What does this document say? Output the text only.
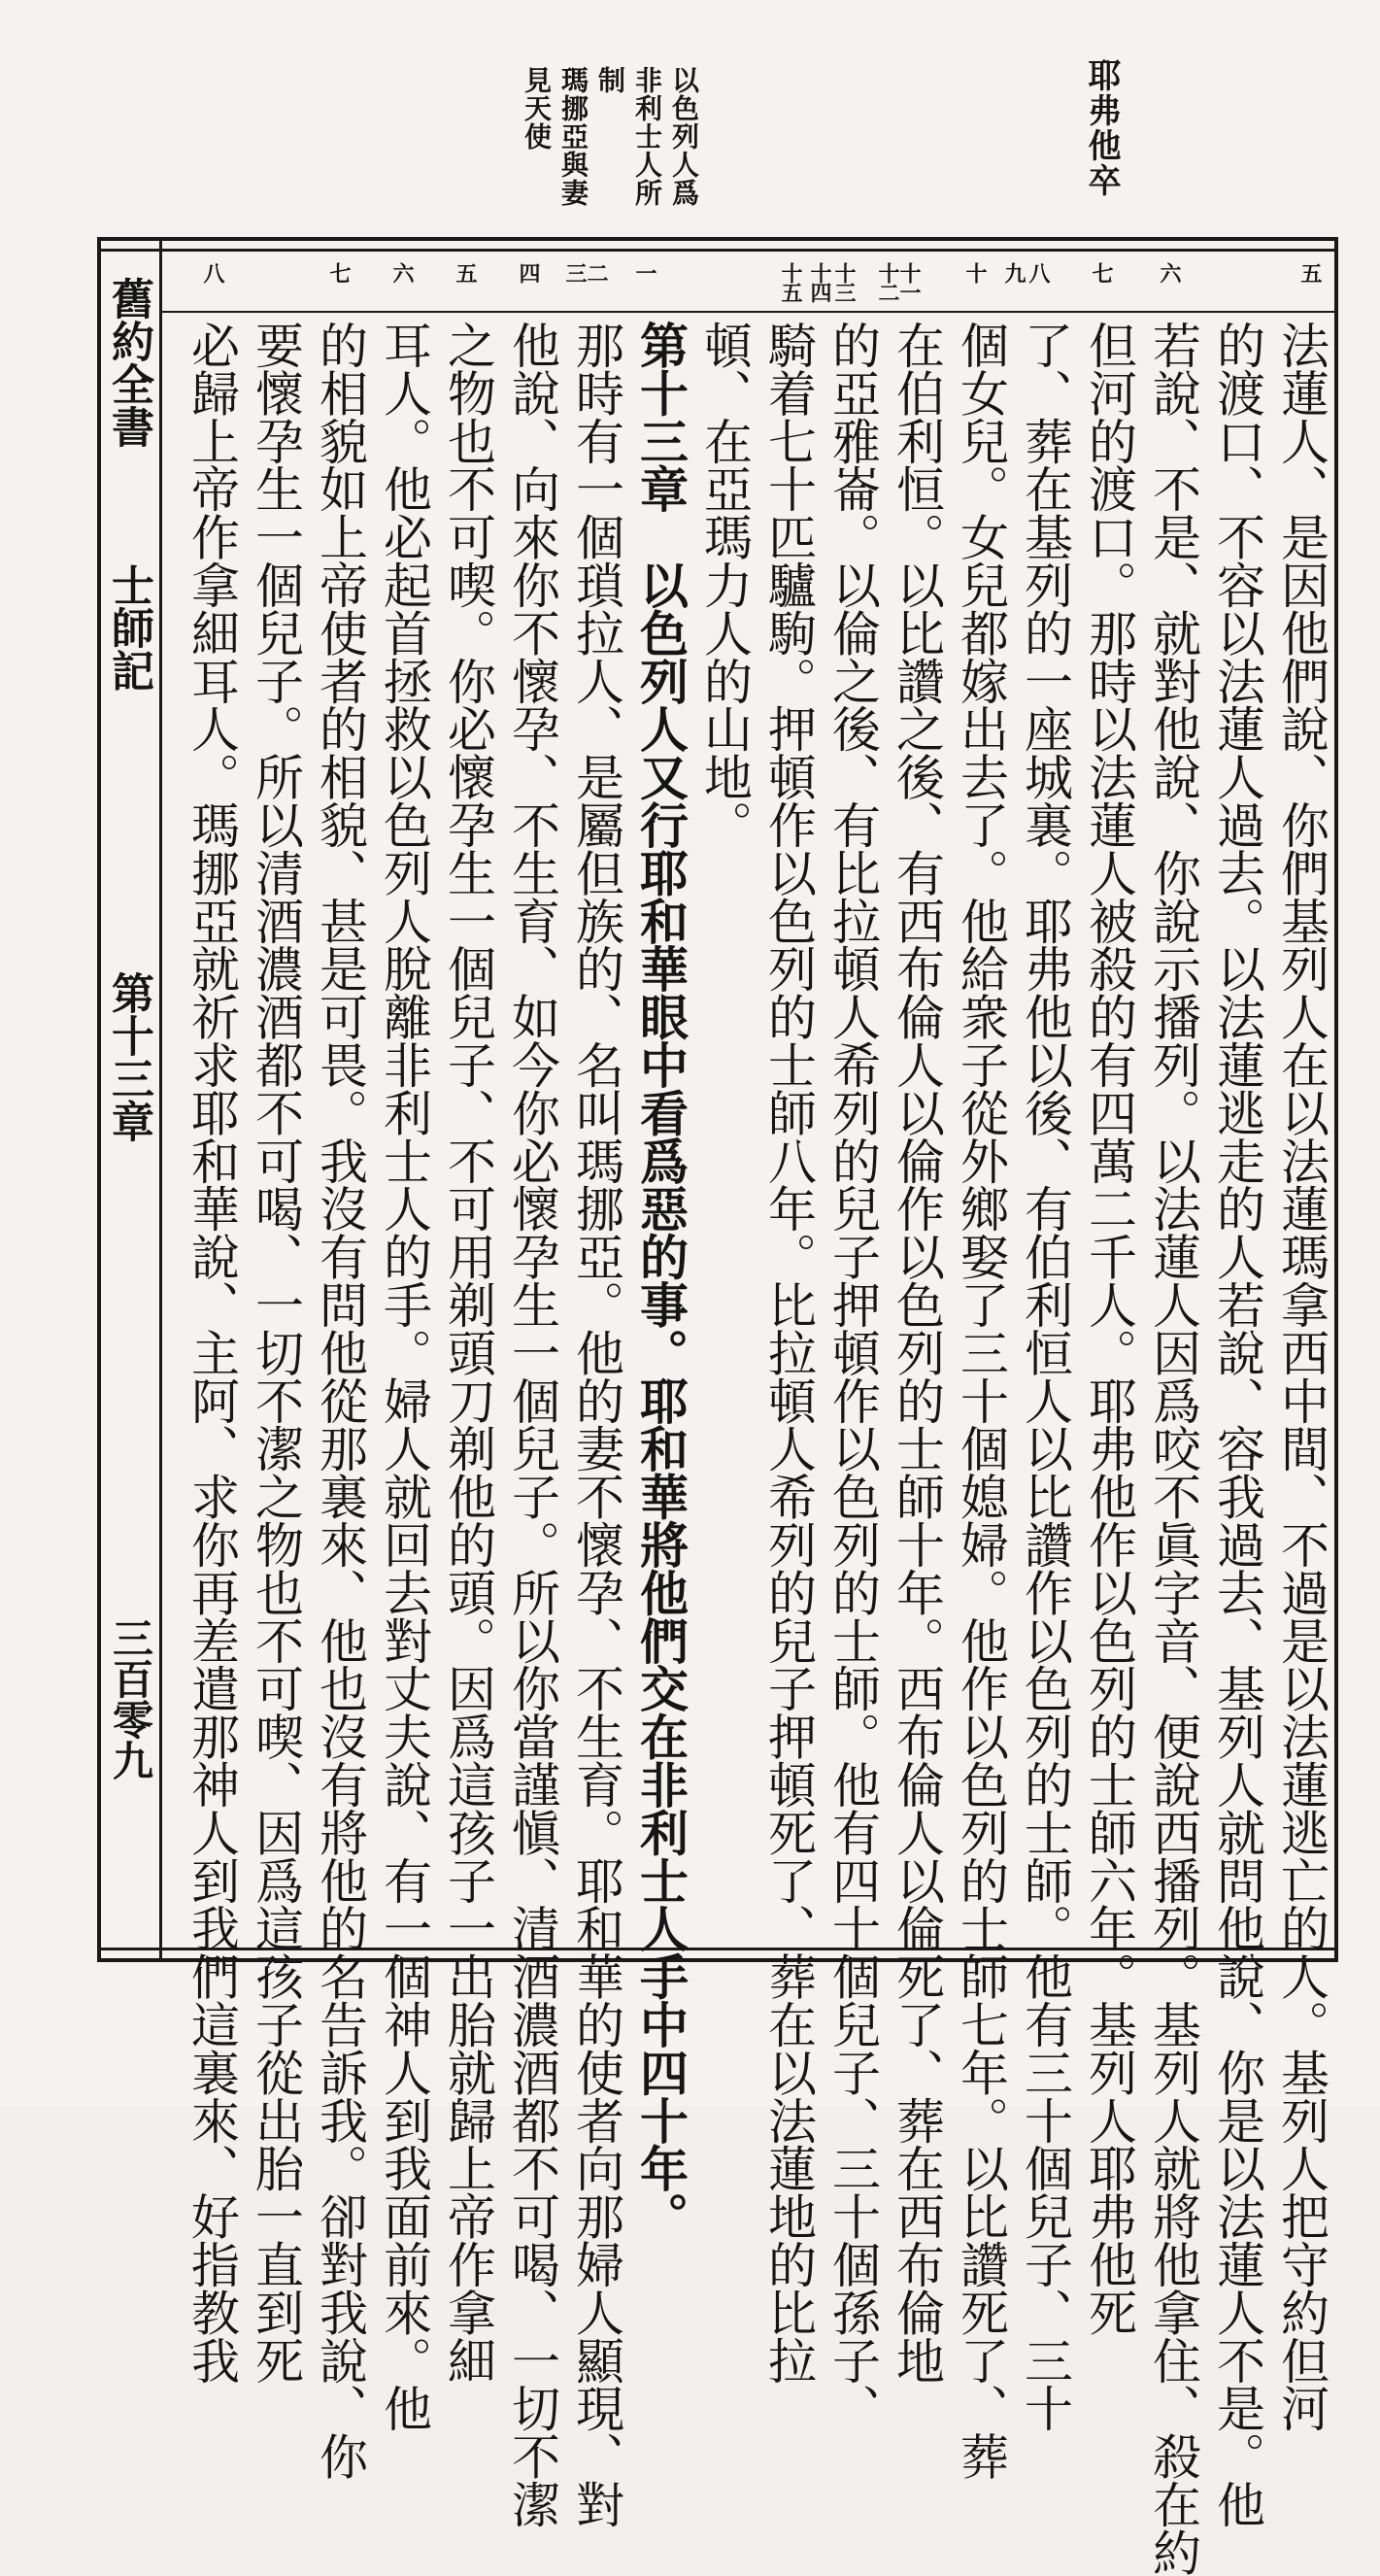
耶弗他卒
以色列人爲
非利士人所
制
瑪挪亞與妻
見天使
五
六
七
八
九
十
十一
十二
十三
十四
十五
一
二
三
四
五
六
七
八
法蓮人、是因他們說、你們基列人在以法蓮瑪拿西中間、不過是以法蓮逃亡的人。基列人把守約但河
的渡口、不容以法蓮人過去。以法蓮逃走的人若說、容我過去、基列人就問他說、你是以法蓮人不是。他
若說、不是、就對他說、你說示播列。以法蓮人因爲咬不眞字音、便說西播列。基列人就將他拿住、殺在約
但河的渡口。那時以法蓮人被殺的有四萬二千人。耶弗他作以色列的士師六年。基列人耶弗他死
了、葬在基列的一座城裏。耶弗他以後、有伯利恒人以比讚作以色列的士師。他有三十個兒子、三十
個女兒。女兒都嫁出去了。他給衆子從外鄉娶了三十個媳婦。他作以色列的士師七年。以比讚死了、葬
在伯利恒。以比讚之後、有西布倫人以倫作以色列的士師十年。西布倫人以倫死了、葬在西布倫地
的亞雅崙。以倫之後、有比拉頓人希列的兒子押頓作以色列的士師。他有四十個兒子、三十個孫子、
騎着七十匹驢駒。押頓作以色列的士師八年。比拉頓人希列的兒子押頓死了、葬在以法蓮地的比拉
頓、在亞瑪力人的山地。
第十三章　以色列人又行耶和華眼中看爲惡的事。耶和華將他們交在非利士人手中四十年。
那時有一個瑣拉人、是屬但族的、名叫瑪挪亞。他的妻不懷孕、不生育。耶和華的使者向那婦人顯現、對
他說、向來你不懷孕、不生育、如今你必懷孕生一個兒子。所以你當謹愼、清酒濃酒都不可喝、一切不潔
之物也不可喫。你必懷孕生一個兒子、不可用剃頭刀剃他的頭。因爲這孩子一出胎就歸上帝作拿細
耳人。他必起首拯救以色列人脫離非利士人的手。婦人就回去對丈夫說、有一個神人到我面前來。他
的相貌如上帝使者的相貌、甚是可畏。我沒有問他從那裏來、他也沒有將他的名告訴我。卻對我說、你
要懷孕生一個兒子。所以清酒濃酒都不可喝、一切不潔之物也不可喫、因爲這孩子從出胎一直到死
必歸上帝作拿細耳人。瑪挪亞就祈求耶和華說、主阿、求你再差遣那神人到我們這裏來、好指教我
舊約全書
士師記
第十三章
三百零九
